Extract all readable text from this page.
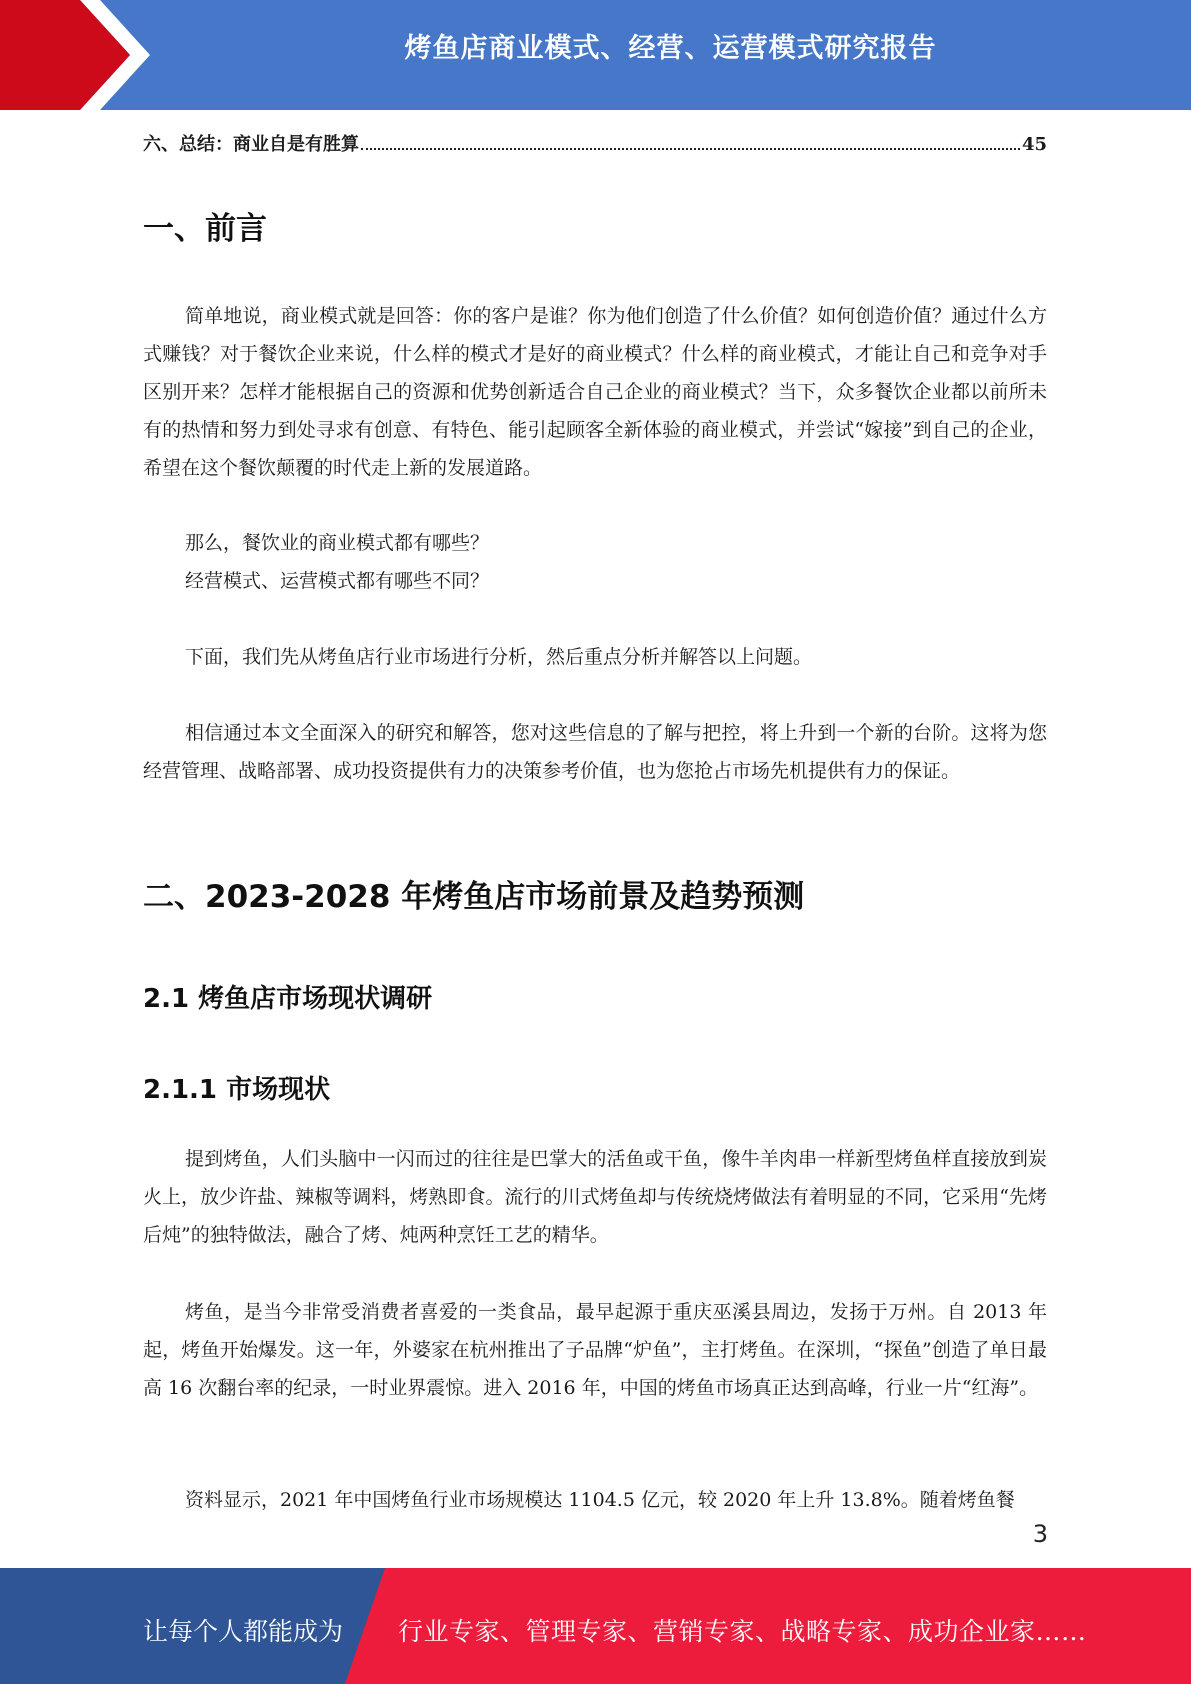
烤鱼店商业模式、经营、运营模式研究报告
六、总结：商业自是有胜算	45
一、前言

简单地说，商业模式就是回答：你的客户是谁？你为他们创造了什么价值？如何创造价值？通过什么方式赚钱？对于餐饮企业来说，什么样的模式才是好的商业模式？什么样的商业模式，才能让自己和竞争对手区别开来？怎样才能根据自己的资源和优势创新适合自己企业的商业模式？当下，众多餐饮企业都以前所未有的热情和努力到处寻求有创意、有特色、能引起顾客全新体验的商业模式，并尝试“嫁接”到自己的企业，希望在这个餐饮颠覆的时代走上新的发展道路。

那么，餐饮业的商业模式都有哪些？

经营模式、运营模式都有哪些不同？

下面，我们先从烤鱼店行业市场进行分析，然后重点分析并解答以上问题。

相信通过本文全面深入的研究和解答，您对这些信息的了解与把控，将上升到一个新的台阶。这将为您经营管理、战略部署、成功投资提供有力的决策参考价值，也为您抢占市场先机提供有力的保证。

二、2023-2028 年烤鱼店市场前景及趋势预测
2.1 烤鱼店市场现状调研
2.1.1 市场现状

提到烤鱼，人们头脑中一闪而过的往往是巴掌大的活鱼或干鱼，像牛羊肉串一样新型烤鱼样直接放到炭火上，放少许盐、辣椒等调料，烤熟即食。流行的川式烤鱼却与传统烧烤做法有着明显的不同，它采用“先烤后炖”的独特做法，融合了烤、炖两种烹饪工艺的精华。

烤鱼，是当今非常受消费者喜爱的一类食品，最早起源于重庆巫溪县周边，发扬于万州。自 2013 年起，烤鱼开始爆发。这一年，外婆家在杭州推出了子品牌“炉鱼”，主打烤鱼。在深圳，“探鱼”创造了单日最高 16 次翻台率的纪录，一时业界震惊。进入 2016 年，中国的烤鱼市场真正达到高峰，行业一片“红海”。

资料显示，2021 年中国烤鱼行业市场规模达 1104.5 亿元，较 2020 年上升 13.8%。随着烤鱼餐

3
让每个人都能成为 行业专家、管理专家、营销专家、战略专家、成功企业家……
